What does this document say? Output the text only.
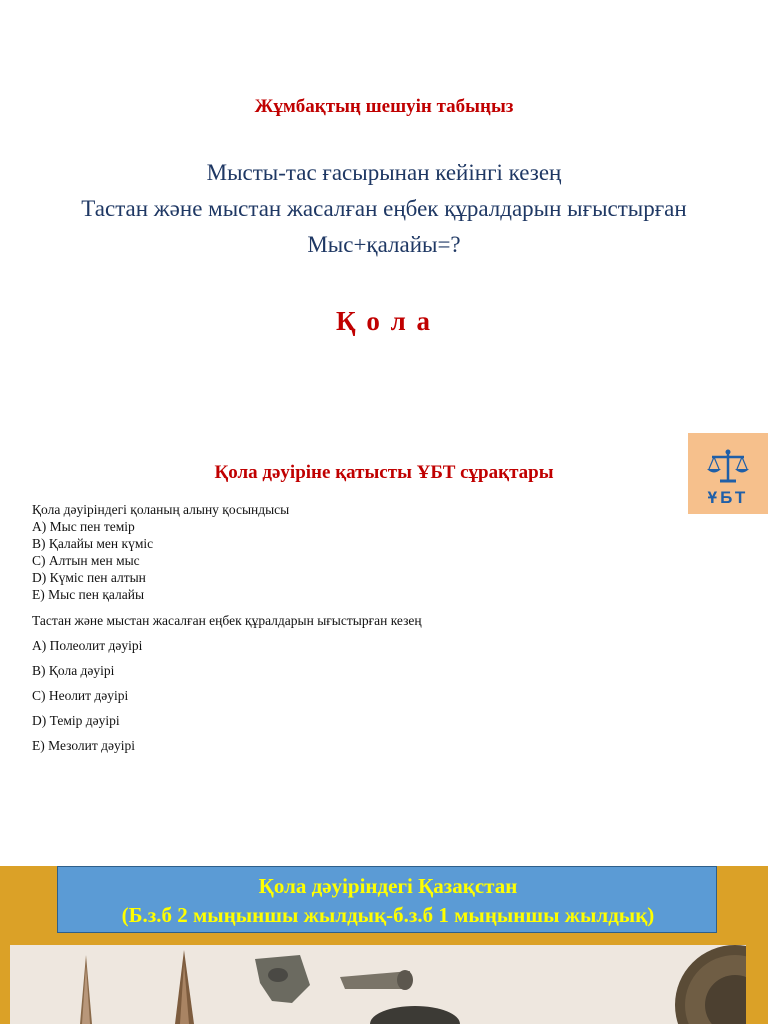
Жұмбақтың шешуін табыңыз
Мысты-тас ғасырынан кейінгі кезең
Тастан және мыстан жасалған еңбек құралдарын ығыстырған
Мыс+қалайы=?
Қ о л а
ҰБТ
Қола дәуіріне қатысты ҰБТ сұрақтары
Қола дәуіріндегі қоланың алыну қосындысы
A) Мыс пен темір
B) Қалайы мен күміс
C) Алтын мен мыс
D) Күміс пен алтын
E) Мыс пен қалайы
Тастан және мыстан жасалған еңбек құралдарын ығыстырған кезең
A) Полеолит дәуірі
B) Қола дәуірі
C) Неолит дәуірі
D) Темір дәуірі
E) Мезолит дәуірі
Қола дәуіріндегі Қазақстан
(Б.з.б 2 мыңыншы жылдық-б.з.б 1 мыңыншы жылдық)
